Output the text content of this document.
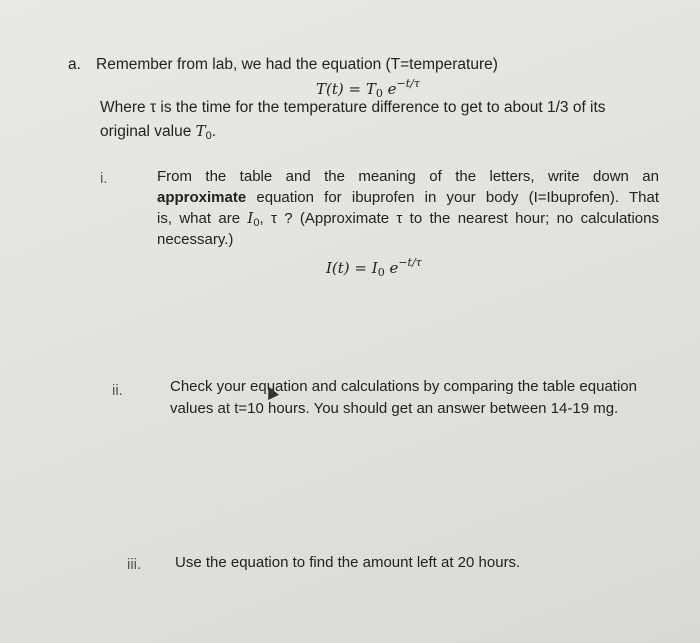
a. Remember from lab, we had the equation (T=temperature)
$T(t) = T_0$ $e^{-t/\tau}$
Where τ is the time for the temperature difference to get to about 1/3 of its
original value $T_0$.
i.	From the table and the meaning of the letters, write down an
approximate equation for ibuprofen in your body (I=Ibuprofen). That
is, what are $I_0$, τ ? (Approximate τ to the nearest hour; no calculations
necessary.)
$I(t) = I_0$ $e^{-t/\tau}$
ii.	Check your equation and calculations by comparing the table equation
values at t=10 hours. You should get an answer between 14-19 mg.
iii. Use the equation to find the amount left at 20 hours.
